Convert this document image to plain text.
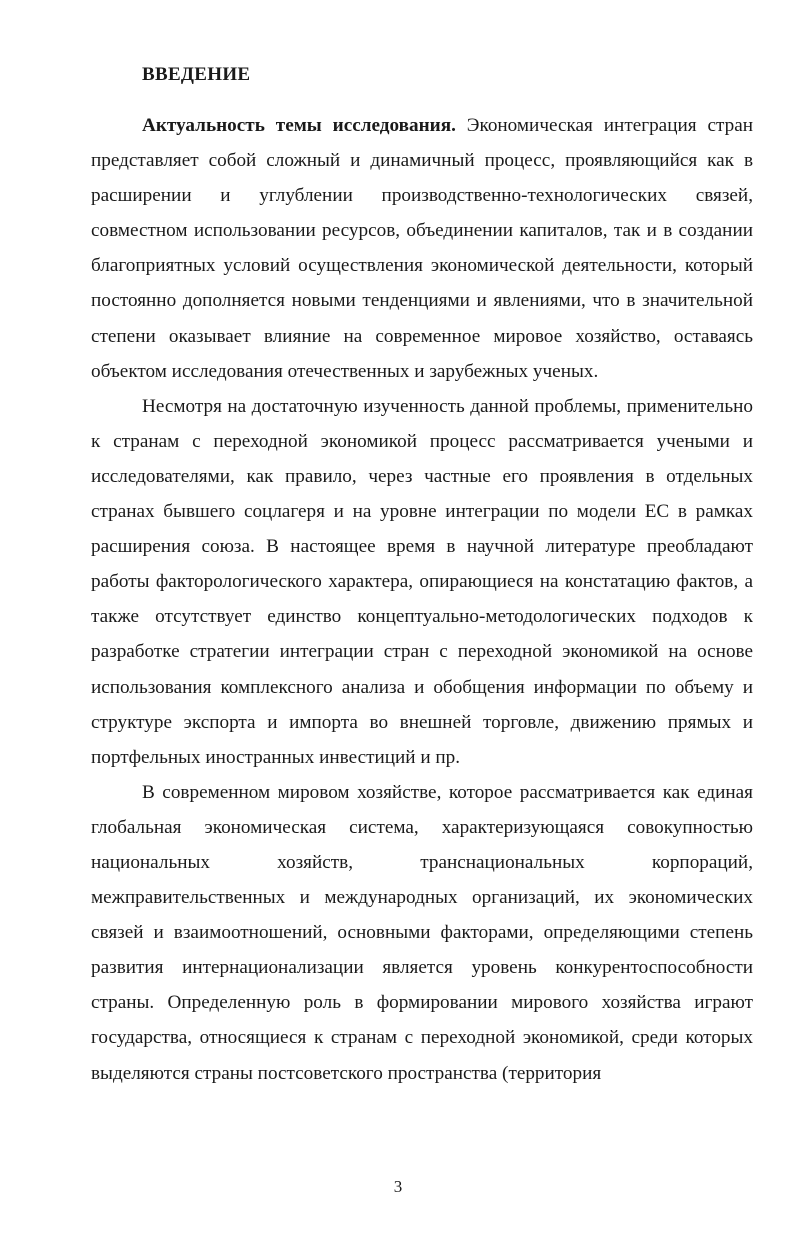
ВВЕДЕНИЕ

Актуальность темы исследования. Экономическая интеграция стран представляет собой сложный и динамичный процесс, проявляющийся как в расширении и углублении производственно-технологических связей, совместном использовании ресурсов, объединении капиталов, так и в создании благоприятных условий осуществления экономической деятельности, который постоянно дополняется новыми тенденциями и явлениями, что в значительной степени оказывает влияние на современное мировое хозяйство, оставаясь объектом исследования отечественных и зарубежных ученых.

Несмотря на достаточную изученность данной проблемы, применительно к странам с переходной экономикой процесс рассматривается учеными и исследователями, как правило, через частные его проявления в отдельных странах бывшего соцлагеря и на уровне интеграции по модели ЕС в рамках расширения союза. В настоящее время в научной литературе преобладают работы факторологического характера, опирающиеся на констатацию фактов, а также отсутствует единство концептуально-методологических подходов к разработке стратегии интеграции стран с переходной экономикой на основе использования комплексного анализа и обобщения информации по объему и структуре экспорта и импорта во внешней торговле, движению прямых и портфельных иностранных инвестиций и пр.

В современном мировом хозяйстве, которое рассматривается как единая глобальная экономическая система, характеризующаяся совокупностью национальных хозяйств, транснациональных корпораций, межправительственных и международных организаций, их экономических связей и взаимоотношений, основными факторами, определяющими степень развития интернационализации является уровень конкурентоспособности страны. Определенную роль в формировании мирового хозяйства играют государства, относящиеся к странам с переходной экономикой, среди которых выделяются страны постсоветского пространства (территория

3
